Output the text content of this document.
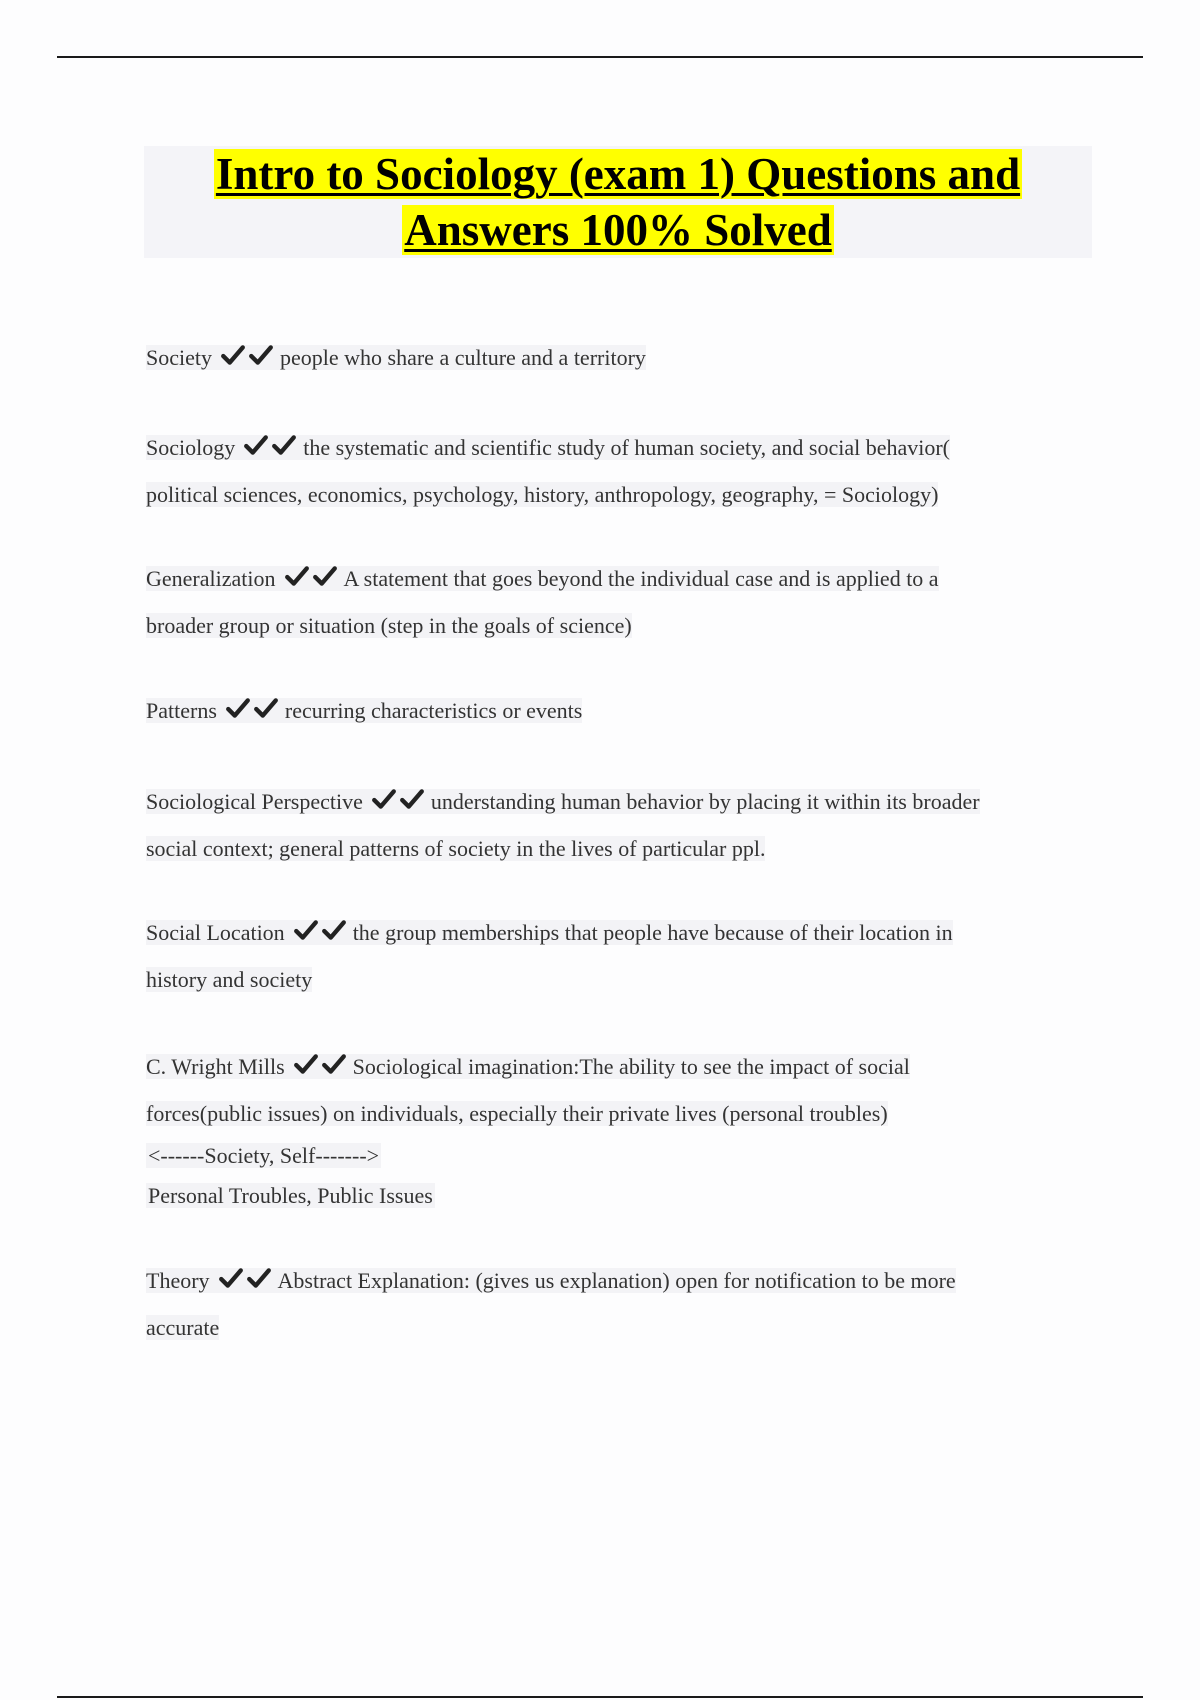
Intro to Sociology (exam 1) Questions and
Answers 100% Solved
Society	people who share a culture and a territory
Sociology	the systematic and scientific study of human society, and social behavior(
political sciences, economics, psychology, history, anthropology, geography, = Sociology)
Generalization	A statement that goes beyond the individual case and is applied to a
broader group or situation (step in the goals of science)
Patterns	recurring characteristics or events
Sociological Perspective	understanding human behavior by placing it within its broader
social context; general patterns of society in the lives of particular ppl.
Social Location	the group memberships that people have because of their location in
history and society
C. Wright Mills	Sociological imagination:The ability to see the impact of social
forces(public issues) on individuals, especially their private lives (personal troubles)
<------Society, Self------->
Personal Troubles, Public Issues
Theory	Abstract Explanation: (gives us explanation) open for notification to be more
accurate
